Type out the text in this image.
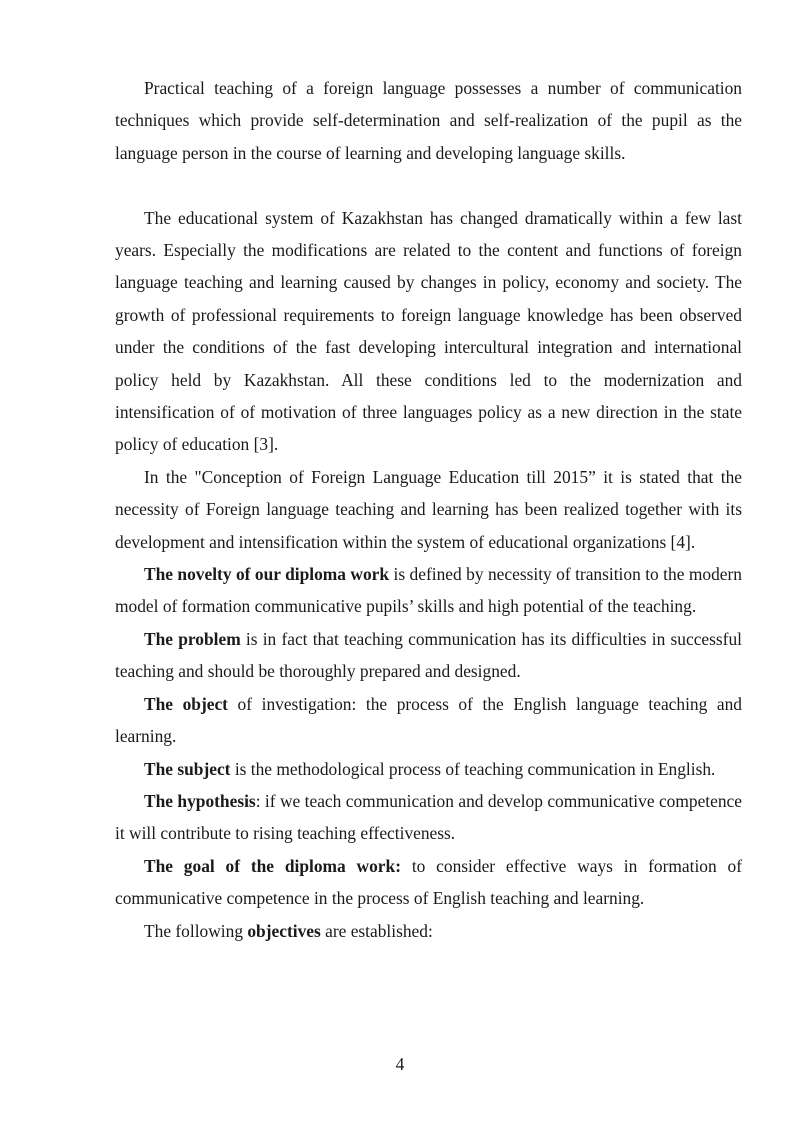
Practical teaching of a foreign language possesses a number of communication techniques which provide self-determination and self-realization of the pupil as the language person in the course of learning and developing language skills.

The educational system of Kazakhstan has changed dramatically within a few last years. Especially the modifications are related to the content and functions of foreign language teaching and learning caused by changes in policy, economy and society. The growth of professional requirements to foreign language knowledge has been observed under the conditions of the fast developing intercultural integration and international policy held by Kazakhstan. All these conditions led to the modernization and intensification of of motivation of three languages policy as a new direction in the state policy of education [3].

In the "Conception of Foreign Language Education till 2015” it is stated that the necessity of Foreign language teaching and learning has been realized together with its development and intensification within the system of educational organizations [4].

The novelty of our diploma work is defined by necessity of transition to the modern model of formation communicative pupils’ skills and high potential of the teaching.

The problem is in fact that teaching communication has its difficulties in successful teaching and should be thoroughly prepared and designed.

The object of investigation: the process of the English language teaching and learning.

The subject is the methodological process of teaching communication in English.

The hypothesis: if we teach communication and develop communicative competence it will contribute to rising teaching effectiveness.

The goal of the diploma work: to consider effective ways in formation of communicative competence in the process of English teaching and learning.

The following objectives are established:

4
